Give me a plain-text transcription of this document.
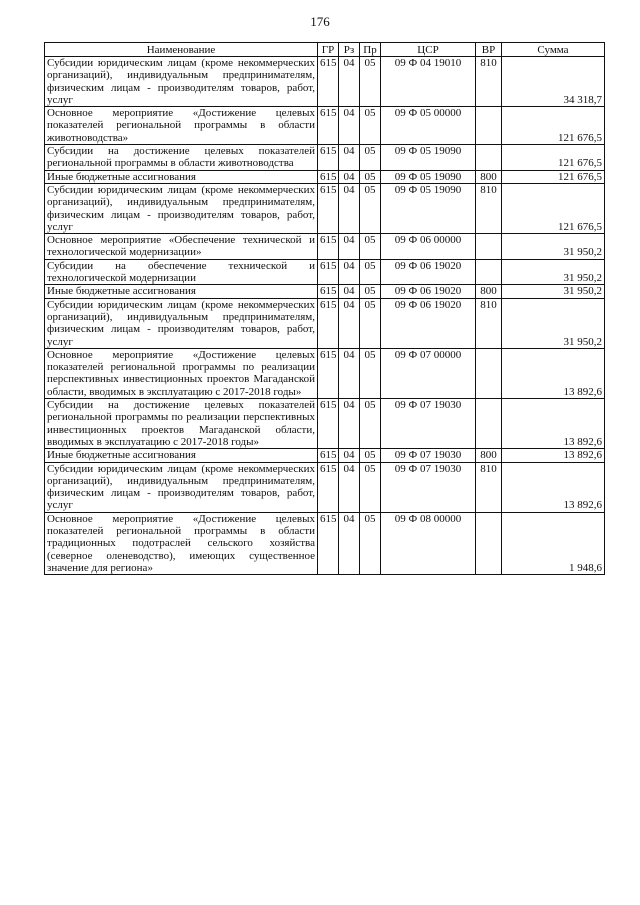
176
Наименование	ГР	Рз	Пр	ЦСР	ВР	Сумма
Субсидии юридическим лицам (кроме некоммерческих организаций), индивидуальным предпринимателям, физическим лицам - производителям товаров, работ, услуг	615	04	05	09 Ф 04 19010	810	34 318,7
Основное мероприятие «Достижение целевых показателей региональной программы в области животноводства»	615	04	05	09 Ф 05 00000		121 676,5
Субсидии на достижение целевых показателей региональной программы в области животноводства	615	04	05	09 Ф 05 19090		121 676,5
Иные бюджетные ассигнования	615	04	05	09 Ф 05 19090	800	121 676,5
Субсидии юридическим лицам (кроме некоммерческих организаций), индивидуальным предпринимателям, физическим лицам - производителям товаров, работ, услуг	615	04	05	09 Ф 05 19090	810	121 676,5
Основное мероприятие «Обеспечение технической и технологической модернизации»	615	04	05	09 Ф 06 00000		31 950,2
Субсидии на обеспечение технической и технологической модернизации	615	04	05	09 Ф 06 19020		31 950,2
Иные бюджетные ассигнования	615	04	05	09 Ф 06 19020	800	31 950,2
Субсидии юридическим лицам (кроме некоммерческих организаций), индивидуальным предпринимателям, физическим лицам - производителям товаров, работ, услуг	615	04	05	09 Ф 06 19020	810	31 950,2
Основное мероприятие «Достижение целевых показателей региональной программы по реализации перспективных инвестиционных проектов Магаданской области, вводимых в эксплуатацию с 2017-2018 годы»	615	04	05	09 Ф 07 00000		13 892,6
Субсидии на достижение целевых показателей региональной программы по реализации перспективных инвестиционных проектов Магаданской области, вводимых в эксплуатацию с 2017-2018 годы»	615	04	05	09 Ф 07 19030		13 892,6
Иные бюджетные ассигнования	615	04	05	09 Ф 07 19030	800	13 892,6
Субсидии юридическим лицам (кроме некоммерческих организаций), индивидуальным предпринимателям, физическим лицам - производителям товаров, работ, услуг	615	04	05	09 Ф 07 19030	810	13 892,6
Основное мероприятие «Достижение целевых показателей региональной программы в области традиционных подотраслей сельского хозяйства (северное оленеводство), имеющих существенное значение для региона»	615	04	05	09 Ф 08 00000		1 948,6
